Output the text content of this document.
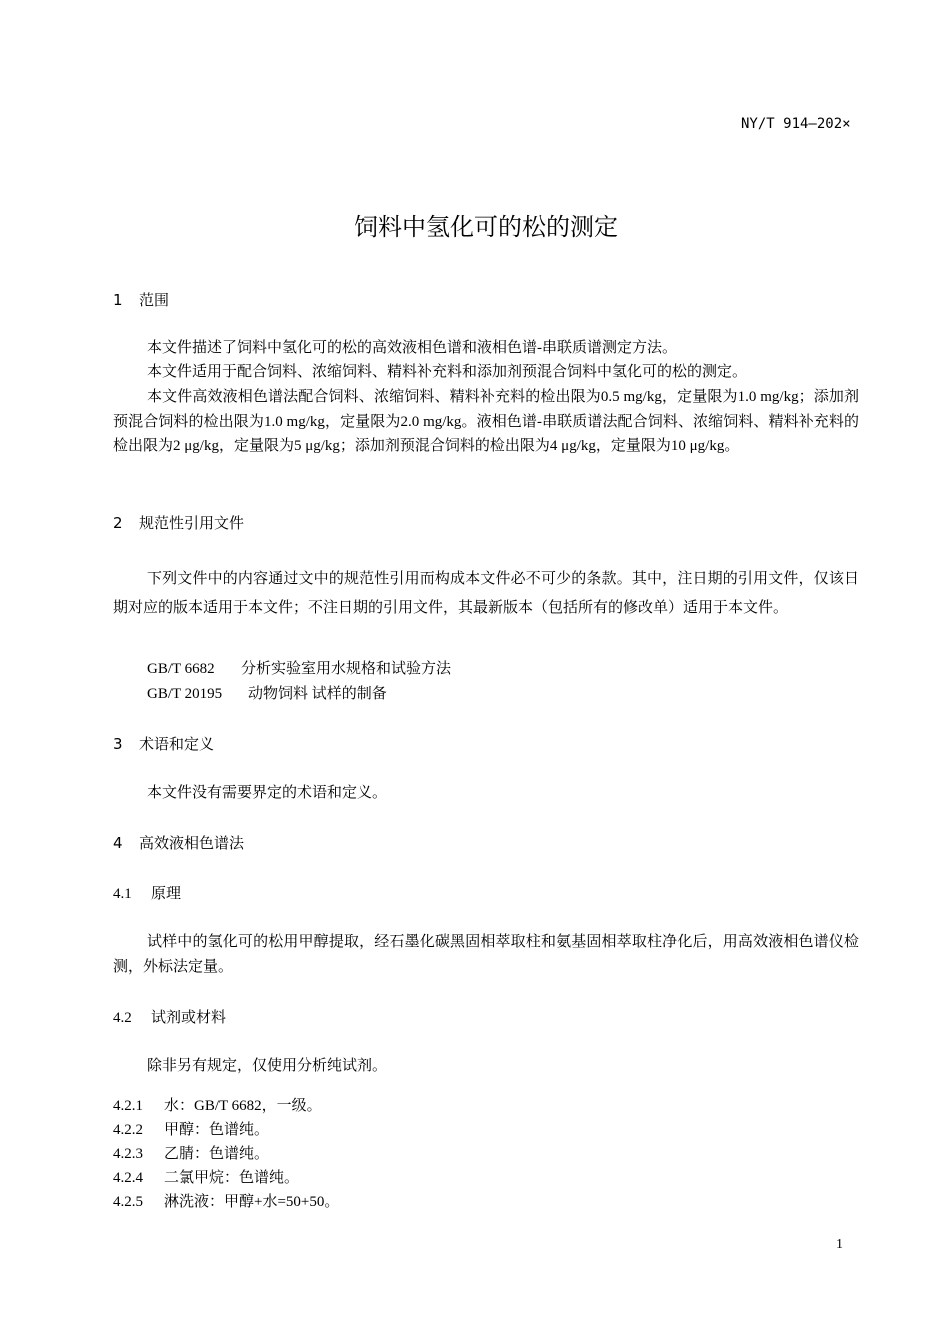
NY/T 914—202×
饲料中氢化可的松的测定
1 范围
本文件描述了饲料中氢化可的松的高效液相色谱和液相色谱-串联质谱测定方法。
本文件适用于配合饲料、浓缩饲料、精料补充料和添加剂预混合饲料中氢化可的松的测定。
本文件高效液相色谱法配合饲料、浓缩饲料、精料补充料的检出限为0.5 mg/kg，定量限为1.0 mg/kg；添加剂预混合饲料的检出限为1.0 mg/kg，定量限为2.0 mg/kg。液相色谱-串联质谱法配合饲料、浓缩饲料、精料补充料的检出限为2 μg/kg，定量限为5 μg/kg；添加剂预混合饲料的检出限为4 μg/kg，定量限为10 μg/kg。
2 规范性引用文件
下列文件中的内容通过文中的规范性引用而构成本文件必不可少的条款。其中，注日期的引用文件，仅该日期对应的版本适用于本文件；不注日期的引用文件，其最新版本（包括所有的修改单）适用于本文件。
GB/T 6682 分析实验室用水规格和试验方法
GB/T 20195 动物饲料 试样的制备
3 术语和定义
本文件没有需要界定的术语和定义。
4 高效液相色谱法
4.1 原理
试样中的氢化可的松用甲醇提取，经石墨化碳黑固相萃取柱和氨基固相萃取柱净化后，用高效液相色谱仪检测，外标法定量。
4.2 试剂或材料
除非另有规定，仅使用分析纯试剂。
4.2.1 水：GB/T 6682，一级。
4.2.2 甲醇：色谱纯。
4.2.3 乙腈：色谱纯。
4.2.4 二氯甲烷：色谱纯。
4.2.5 淋洗液：甲醇+水=50+50。
1
